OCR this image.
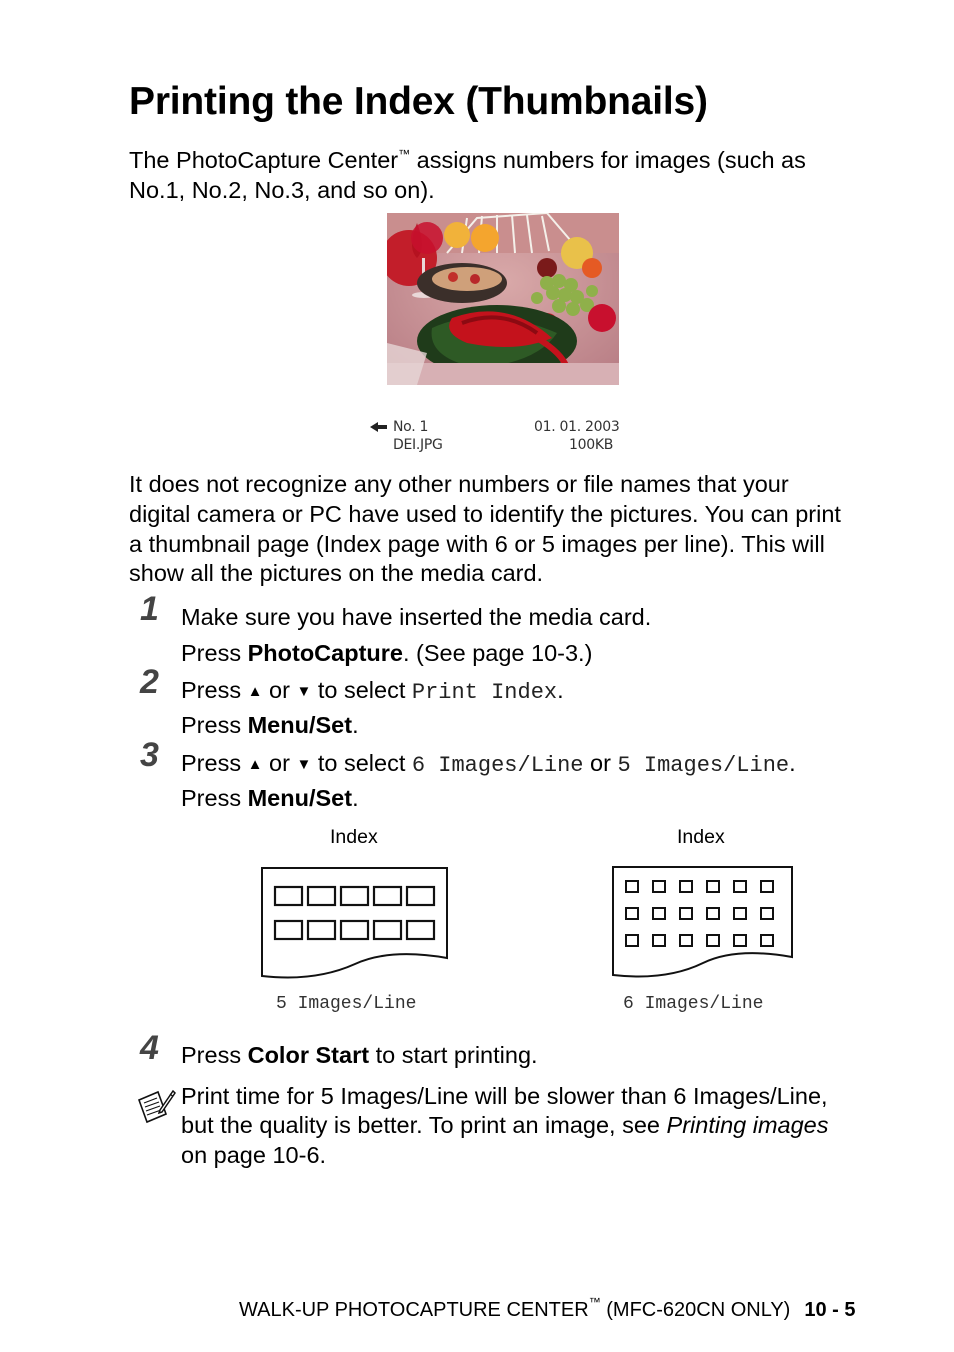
Printing the Index (Thumbnails)
The PhotoCapture Center™ assigns numbers for images (such as
No.1, No.2, No.3, and so on).
No. 1	01. 01. 2003
DEI.JPG	100KB
It does not recognize any other numbers or file names that your
digital camera or PC have used to identify the pictures. You can print
a thumbnail page (Index page with 6 or 5 images per line). This will
show all the pictures on the media card.
1 Make sure you have inserted the media card.
Press PhotoCapture. (See page 10-3.)
2 Press ▲ or ▼ to select Print Index.
Press Menu/Set.
3 Press ▲ or ▼ to select 6 Images/Line or 5 Images/Line.
Press Menu/Set.
Index	Index
5 Images/Line	6 Images/Line
4 Press Color Start to start printing.
Print time for 5 Images/Line will be slower than 6 Images/Line,
but the quality is better. To print an image, see Printing images
on page 10-6.
WALK-UP PHOTOCAPTURE CENTER™ (MFC-620CN ONLY) 10 - 5
